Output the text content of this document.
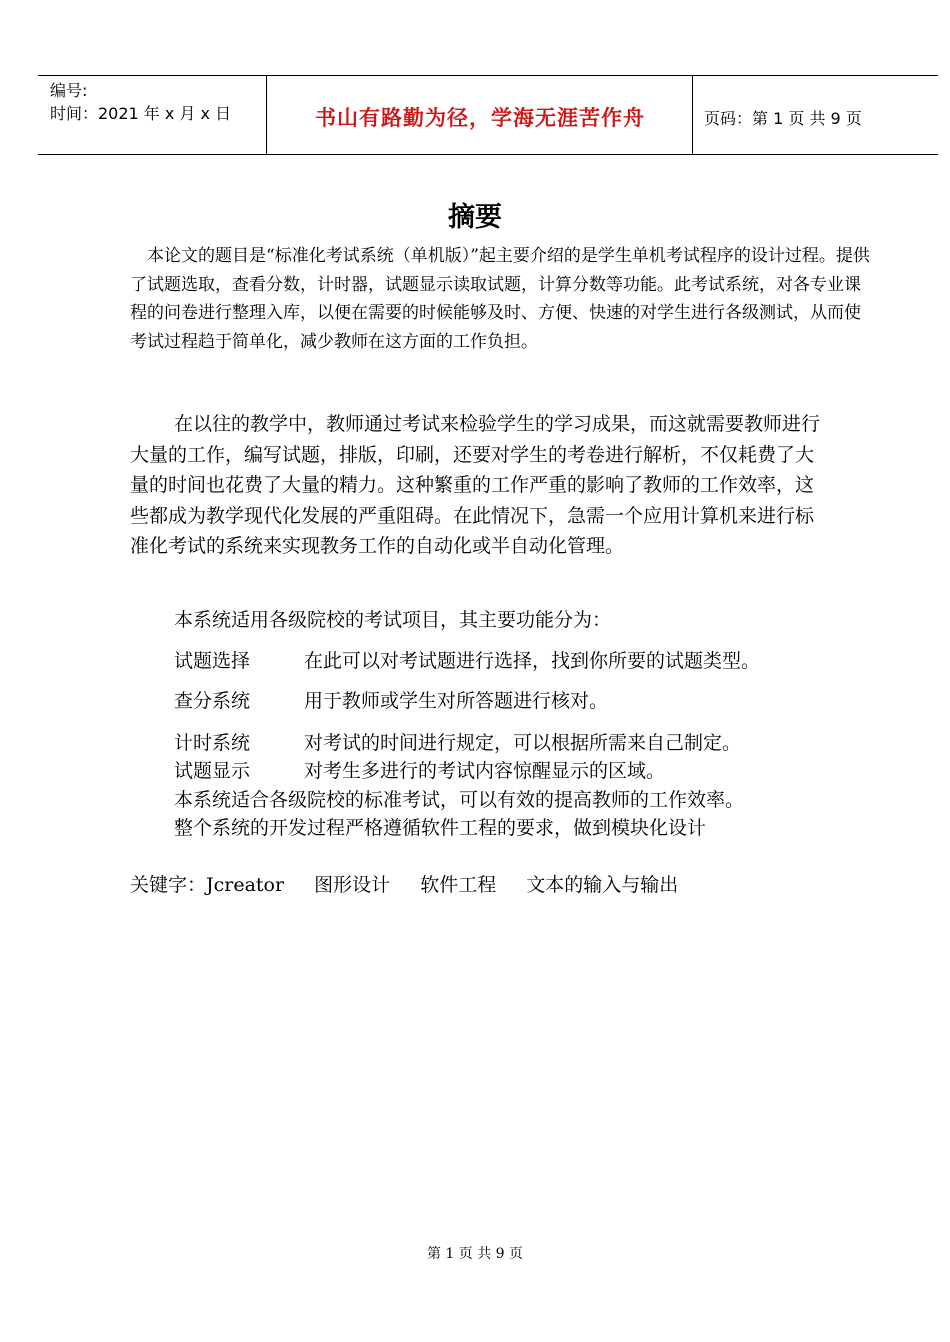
编号:
时间：2021 年 x 月 x 日	书山有路勤为径，学海无涯苦作舟	页码：第 1 页 共 9 页
摘要
本论文的题目是“标准化考试系统（单机版）”起主要介绍的是学生单机考试程序的设计过程。提供了试题选取，查看分数，计时器，试题显示读取试题，计算分数等功能。此考试系统，对各专业课程的问卷进行整理入库，以便在需要的时候能够及时、方便、快速的对学生进行各级测试，从而使考试过程趋于简单化，减少教师在这方面的工作负担。
在以往的教学中，教师通过考试来检验学生的学习成果，而这就需要教师进行大量的工作，编写试题，排版，印刷，还要对学生的考卷进行解析，不仅耗费了大量的时间也花费了大量的精力。这种繁重的工作严重的影响了教师的工作效率，这些都成为教学现代化发展的严重阻碍。在此情况下，急需一个应用计算机来进行标准化考试的系统来实现教务工作的自动化或半自动化管理。
本系统适用各级院校的考试项目，其主要功能分为：
试题选择	在此可以对考试题进行选择，找到你所要的试题类型。
查分系统	用于教师或学生对所答题进行核对。
计时系统	对考试的时间进行规定，可以根据所需来自己制定。
试题显示	对考生多进行的考试内容惊醒显示的区域。
本系统适合各级院校的标准考试，可以有效的提高教师的工作效率。
整个系统的开发过程严格遵循软件工程的要求，做到模块化设计
关键字：Jcreator 图形设计 软件工程 文本的输入与输出
第 1 页 共 9 页
